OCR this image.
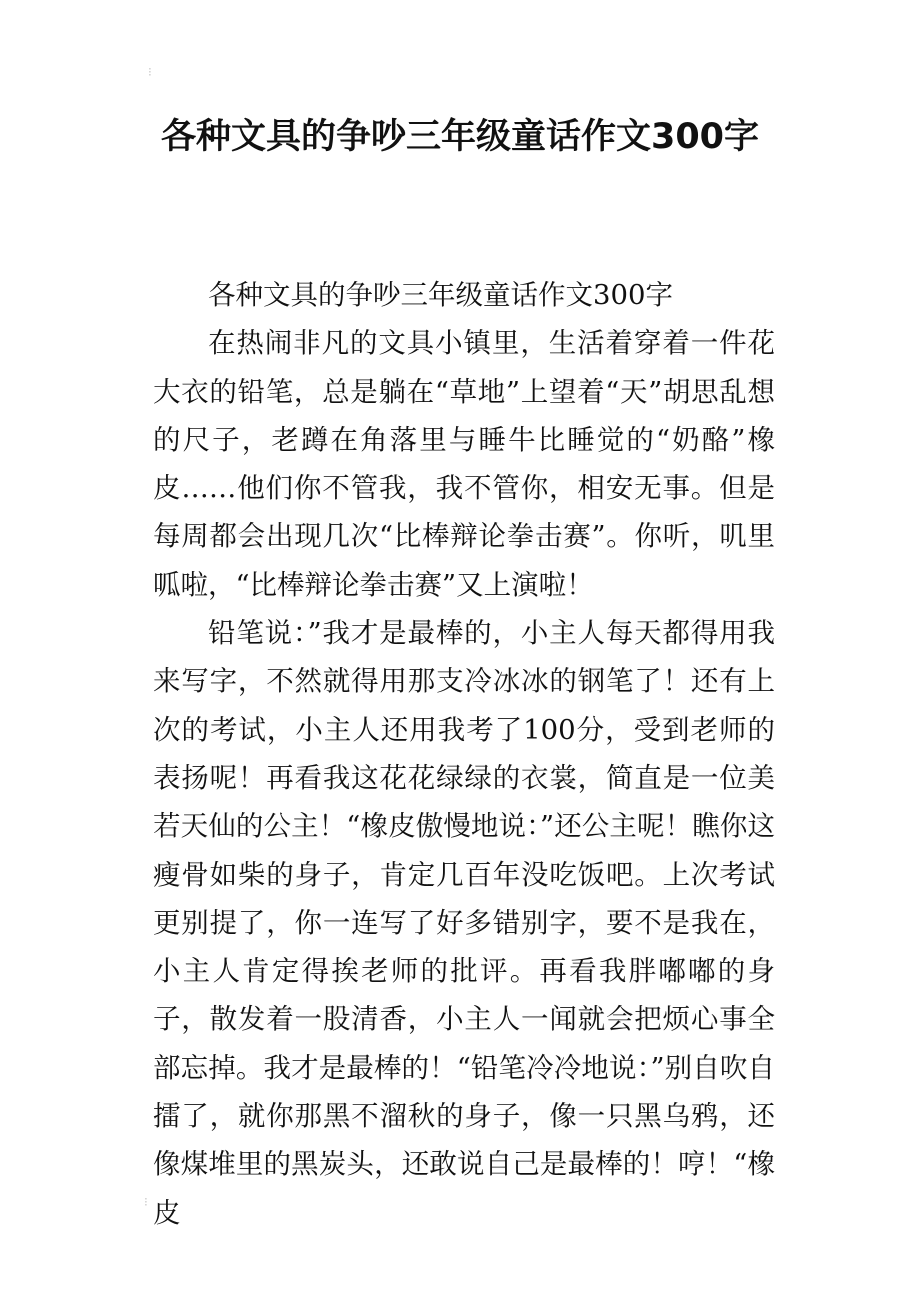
⁝
各种文具的争吵三年级童话作文300字

各种文具的争吵三年级童话作文300字

在热闹非凡的文具小镇里，生活着穿着一件花大衣的铅笔，总是躺在“草地”上望着“天”胡思乱想的尺子，老蹲在角落里与睡牛比睡觉的“奶酪”橡皮……他们你不管我，我不管你，相安无事。但是每周都会出现几次“比棒辩论拳击赛”。你听，叽里呱啦，“比棒辩论拳击赛”又上演啦！

铅笔说：”我才是最棒的，小主人每天都得用我来写字，不然就得用那支冷冰冰的钢笔了！还有上次的考试，小主人还用我考了100分，受到老师的表扬呢！再看我这花花绿绿的衣裳，简直是一位美若天仙的公主！“橡皮傲慢地说：”还公主呢！瞧你这瘦骨如柴的身子，肯定几百年没吃饭吧。上次考试更别提了，你一连写了好多错别字，要不是我在，小主人肯定得挨老师的批评。再看我胖嘟嘟的身子，散发着一股清香，小主人一闻就会把烦心事全部忘掉。我才是最棒的！“铅笔冷冷地说：”别自吹自擂了，就你那黑不溜秋的身子，像一只黑乌鸦，还像煤堆里的黑炭头，还敢说自己是最棒的！哼！“橡皮

⁝
